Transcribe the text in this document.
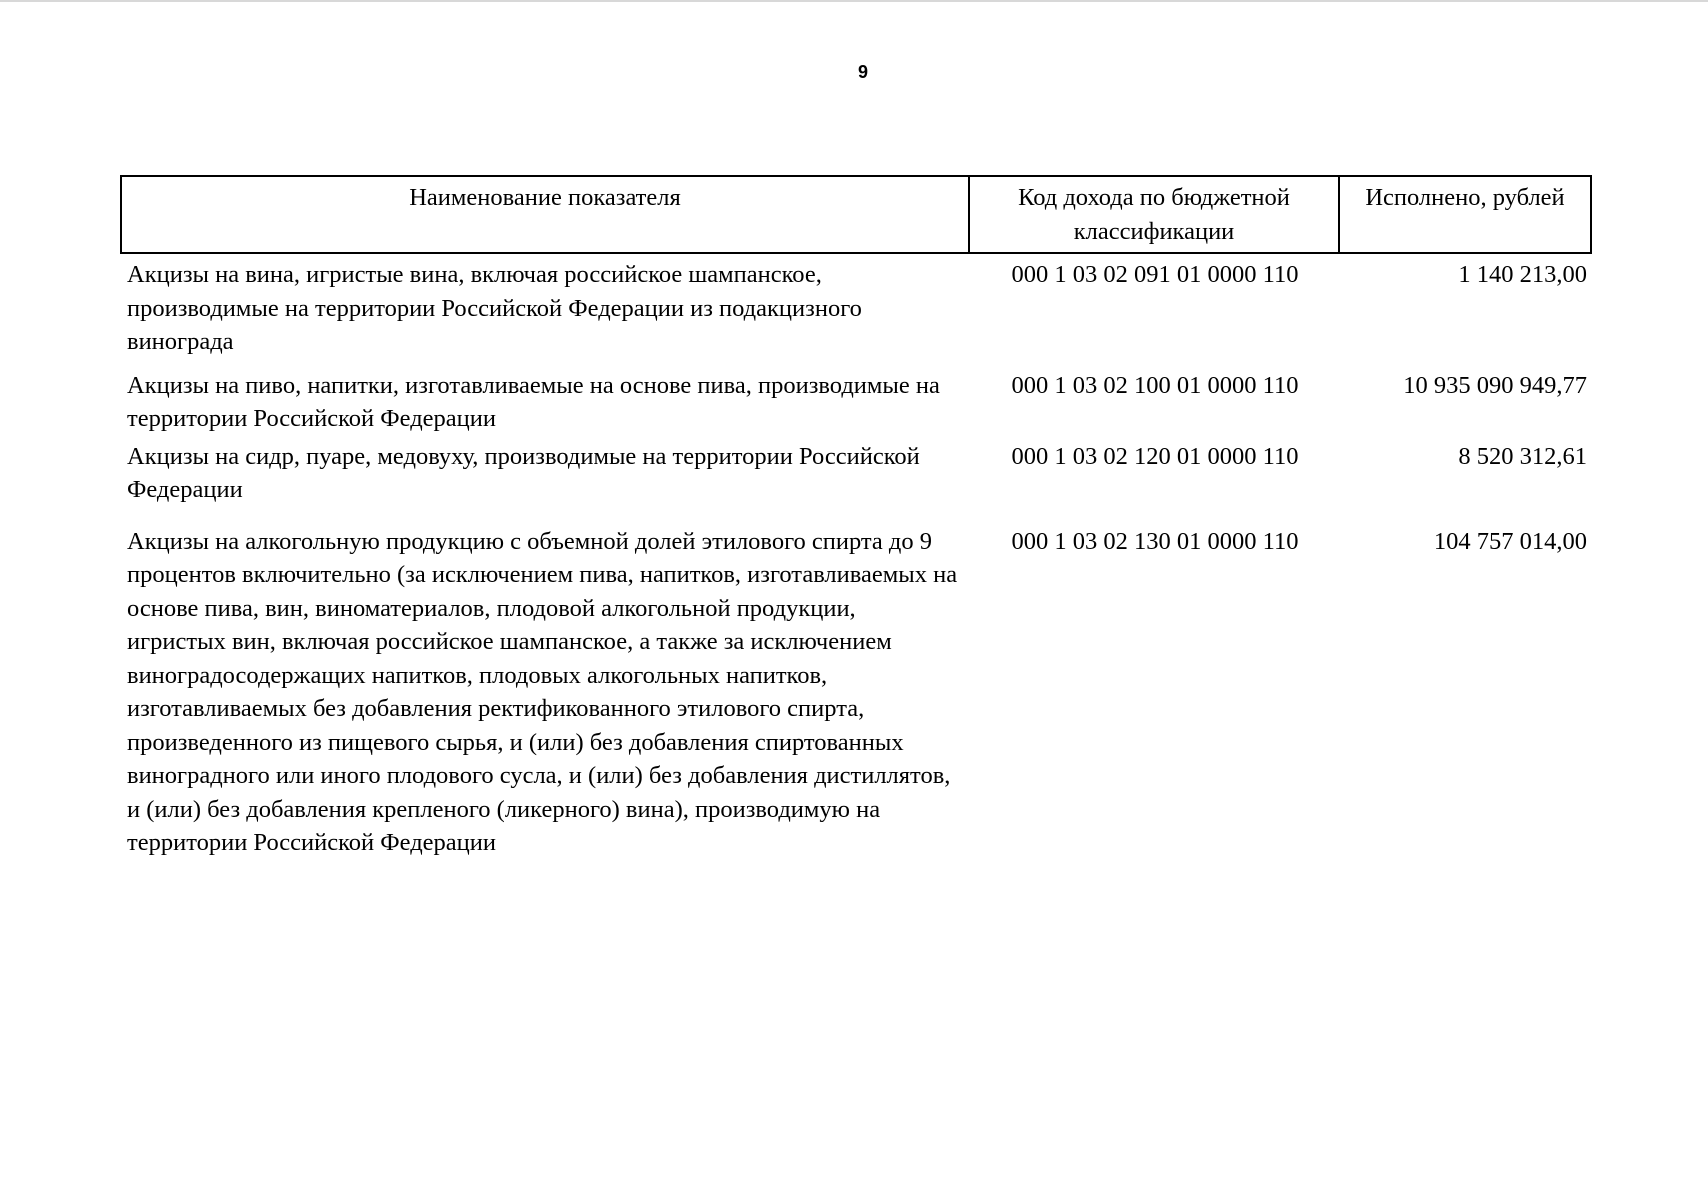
9
Наименование показателя	Код дохода по бюджетной классификации	Исполнено, рублей
Акцизы на вина, игристые вина, включая российское шампанское, производимые на территории Российской Федерации из подакцизного винограда	000 1 03 02 091 01 0000 110	1 140 213,00
Акцизы на пиво, напитки, изготавливаемые на основе пива, производимые на территории Российской Федерации	000 1 03 02 100 01 0000 110	10 935 090 949,77
Акцизы на сидр, пуаре, медовуху, производимые на территории Российской Федерации	000 1 03 02 120 01 0000 110	8 520 312,61
Акцизы на алкогольную продукцию с объемной долей этилового спирта до 9 процентов включительно (за исключением пива, напитков, изготавливаемых на основе пива, вин, виноматериалов, плодовой алкогольной продукции, игристых вин, включая российское шампанское, а также за исключением виноградосодержащих напитков, плодовых алкогольных напитков, изготавливаемых без добавления ректификованного этилового спирта, произведенного из пищевого сырья, и (или) без добавления спиртованных виноградного или иного плодового сусла, и (или) без добавления дистиллятов, и (или) без добавления крепленого (ликерного) вина), производимую на территории Российской Федерации	000 1 03 02 130 01 0000 110	104 757 014,00
